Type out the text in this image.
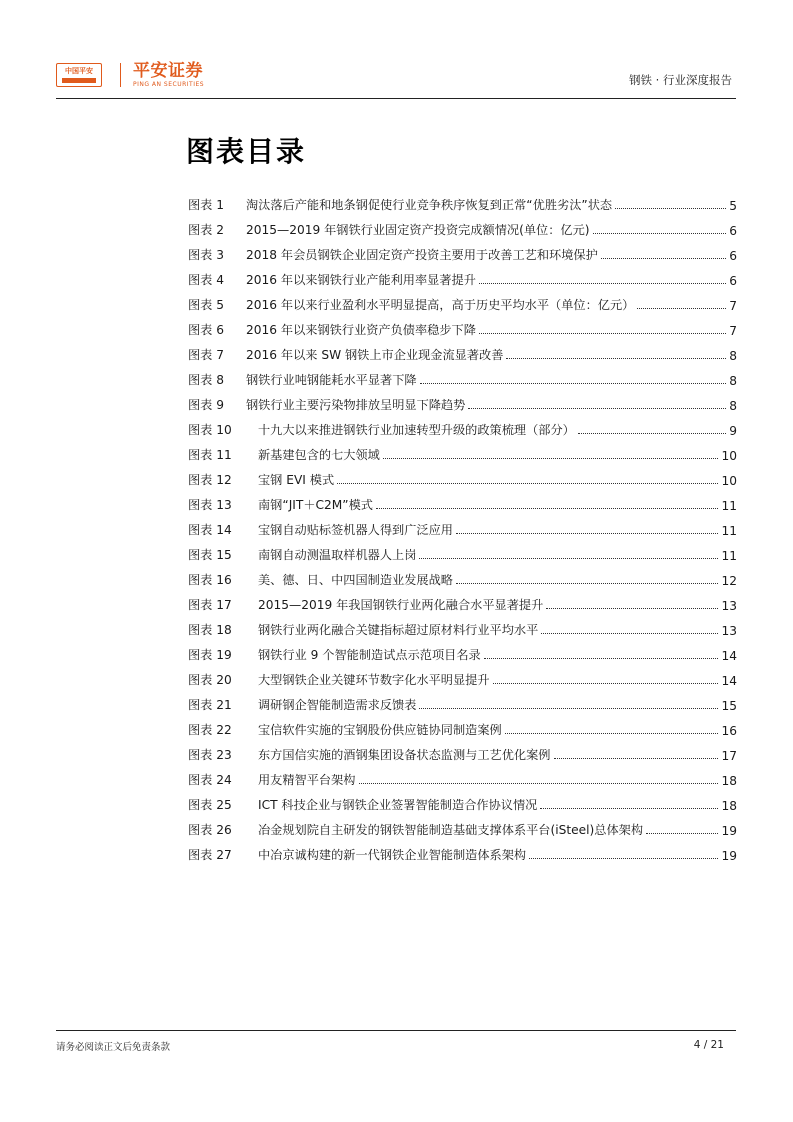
中国平安 平安证券
PING AN SECURITIES	钢铁 · 行业深度报告
图表目录
图表 1	淘汰落后产能和地条钢促使行业竞争秩序恢复到正常“优胜劣汰”状态	5
图表 2	2015—2019 年钢铁行业固定资产投资完成额情况(单位：亿元)	6
图表 3	2018 年会员钢铁企业固定资产投资主要用于改善工艺和环境保护	6
图表 4	2016 年以来钢铁行业产能利用率显著提升	6
图表 5	2016 年以来行业盈利水平明显提高，高于历史平均水平（单位：亿元）	7
图表 6	2016 年以来钢铁行业资产负债率稳步下降	7
图表 7	2016 年以来 SW 钢铁上市企业现金流显著改善	8
图表 8	钢铁行业吨钢能耗水平显著下降	8
图表 9	钢铁行业主要污染物排放呈明显下降趋势	8
图表 10	十九大以来推进钢铁行业加速转型升级的政策梳理（部分）	9
图表 11	新基建包含的七大领域	10
图表 12	宝钢 EVI 模式	10
图表 13	南钢“JIT＋C2M”模式	11
图表 14	宝钢自动贴标签机器人得到广泛应用	11
图表 15	南钢自动测温取样机器人上岗	11
图表 16	美、德、日、中四国制造业发展战略	12
图表 17	2015—2019 年我国钢铁行业两化融合水平显著提升	13
图表 18	钢铁行业两化融合关键指标超过原材料行业平均水平	13
图表 19	钢铁行业 9 个智能制造试点示范项目名录	14
图表 20	大型钢铁企业关键环节数字化水平明显提升	14
图表 21	调研钢企智能制造需求反馈表	15
图表 22	宝信软件实施的宝钢股份供应链协同制造案例	16
图表 23	东方国信实施的酒钢集团设备状态监测与工艺优化案例	17
图表 24	用友精智平台架构	18
图表 25	ICT 科技企业与钢铁企业签署智能制造合作协议情况	18
图表 26	冶金规划院自主研发的钢铁智能制造基础支撑体系平台(iSteel)总体架构	19
图表 27	中冶京诚构建的新一代钢铁企业智能制造体系架构	19
请务必阅读正文后免责条款	4 / 21
